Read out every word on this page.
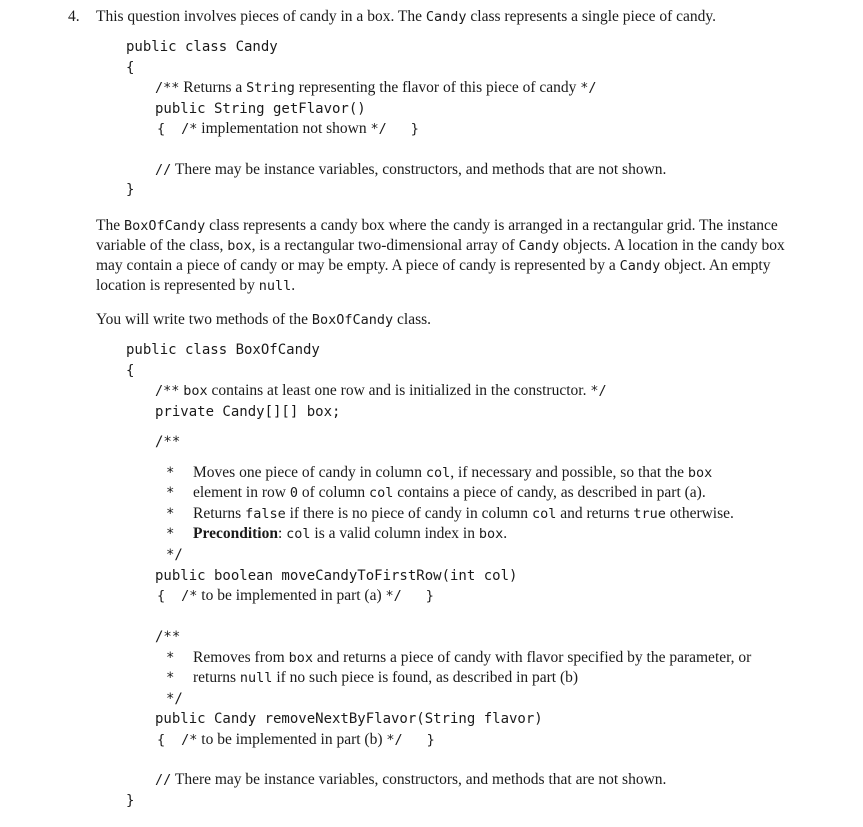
4. This question involves pieces of candy in a box. The Candy class represents a single piece of candy.
public class Candy
{
/** Returns a String representing the flavor of this piece of candy */
public String getFlavor()
{ /* implementation not shown */ }
// There may be instance variables, constructors, and methods that are not shown.
}
The BoxOfCandy class represents a candy box where the candy is arranged in a rectangular grid. The instance variable of the class, box, is a rectangular two-dimensional array of Candy objects. A location in the candy box may contain a piece of candy or may be empty. A piece of candy is represented by a Candy object. An empty location is represented by null.
You will write two methods of the BoxOfCandy class.
public class BoxOfCandy
{
/** box contains at least one row and is initialized in the constructor. */
private Candy[][] box;
/**
* Moves one piece of candy in column col, if necessary and possible, so that the box
* element in row 0 of column col contains a piece of candy, as described in part (a).
* Returns false if there is no piece of candy in column col and returns true otherwise.
* Precondition: col is a valid column index in box.
*/
public boolean moveCandyToFirstRow(int col)
{ /* to be implemented in part (a) */ }
/**
* Removes from box and returns a piece of candy with flavor specified by the parameter, or
* returns null if no such piece is found, as described in part (b)
*/
public Candy removeNextByFlavor(String flavor)
{ /* to be implemented in part (b) */ }
// There may be instance variables, constructors, and methods that are not shown.
}
